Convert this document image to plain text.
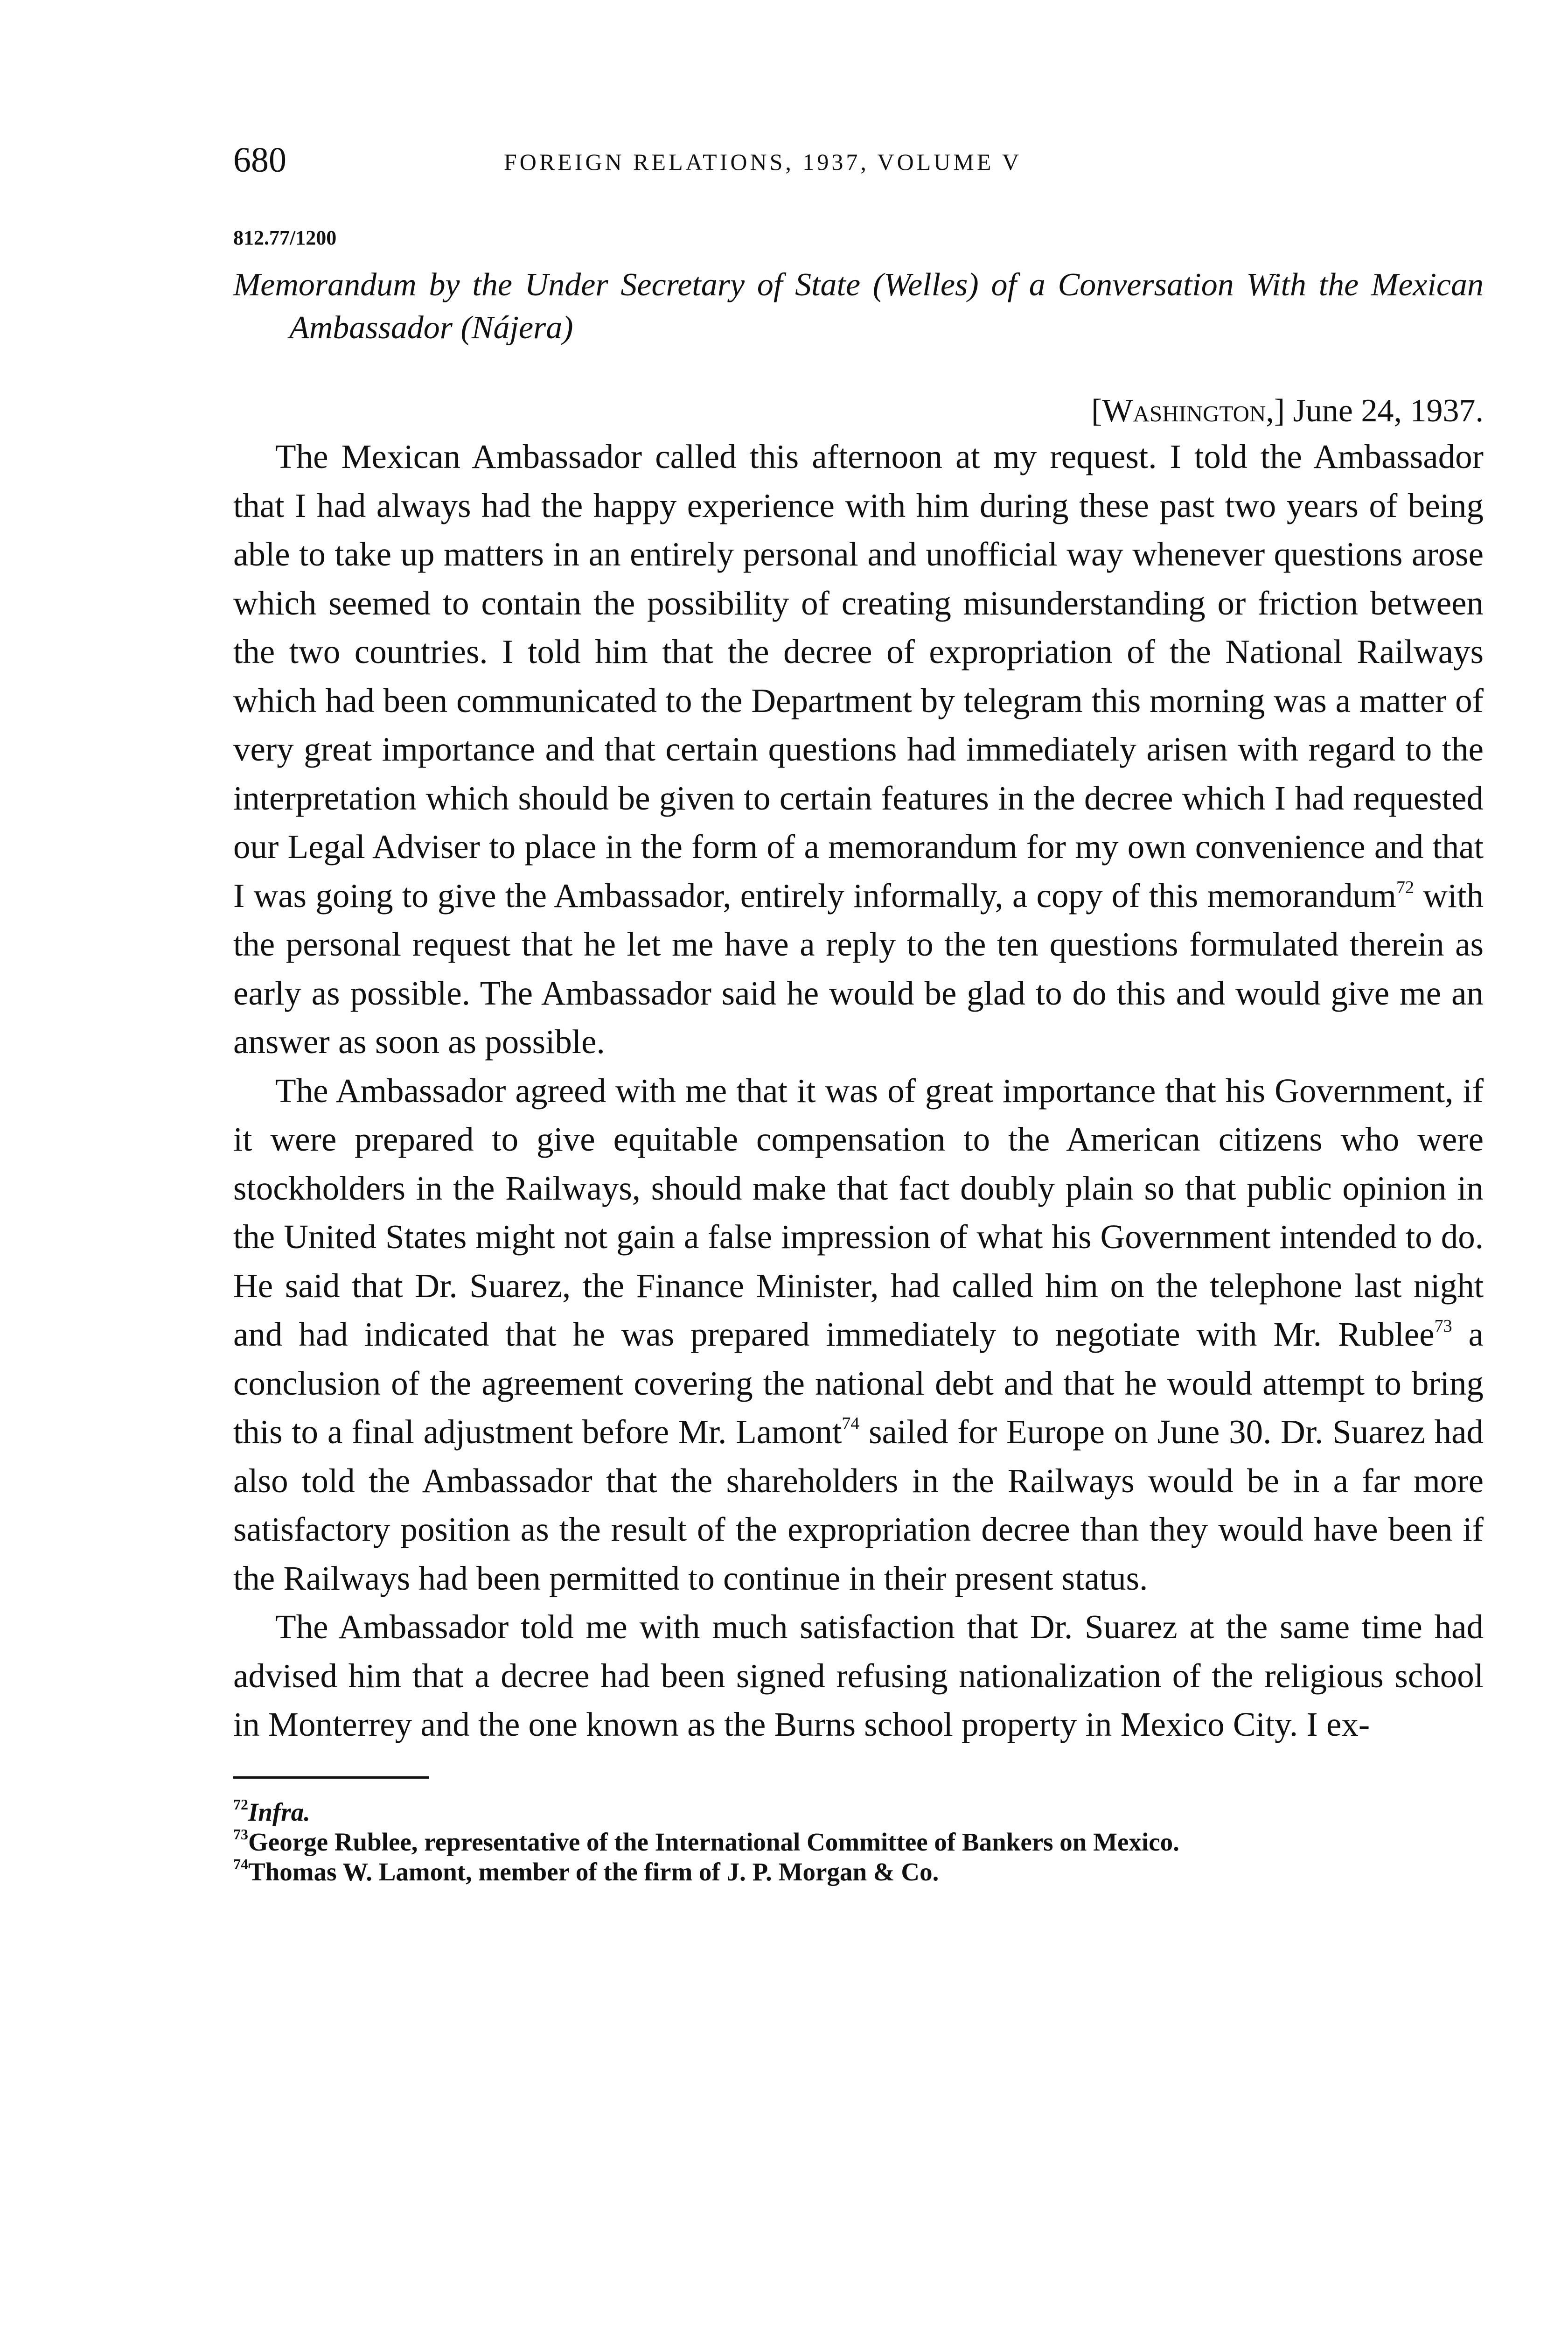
680	FOREIGN RELATIONS, 1937, VOLUME V
812.77/1200
Memorandum by the Under Secretary of State (Welles) of a Conversation With the Mexican Ambassador (Nájera)
[Washington,] June 24, 1937.

The Mexican Ambassador called this afternoon at my request. I told the Ambassador that I had always had the happy experience with him during these past two years of being able to take up matters in an entirely personal and unofficial way whenever questions arose which seemed to contain the possibility of creating misunderstanding or friction between the two countries. I told him that the decree of expropriation of the National Railways which had been communicated to the Department by telegram this morning was a matter of very great importance and that certain questions had immediately arisen with regard to the interpretation which should be given to certain features in the decree which I had requested our Legal Adviser to place in the form of a memorandum for my own convenience and that I was going to give the Ambassador, entirely informally, a copy of this memorandum$^{72}$ with the personal request that he let me have a reply to the ten questions formulated therein as early as possible. The Ambassador said he would be glad to do this and would give me an answer as soon as possible.

The Ambassador agreed with me that it was of great importance that his Government, if it were prepared to give equitable compensation to the American citizens who were stockholders in the Railways, should make that fact doubly plain so that public opinion in the United States might not gain a false impression of what his Government intended to do. He said that Dr. Suarez, the Finance Minister, had called him on the telephone last night and had indicated that he was prepared immediately to negotiate with Mr. Rublee$^{73}$ a conclusion of the agreement covering the national debt and that he would attempt to bring this to a final adjustment before Mr. Lamont$^{74}$ sailed for Europe on June 30. Dr. Suarez had also told the Ambassador that the shareholders in the Railways would be in a far more satisfactory position as the result of the expropriation decree than they would have been if the Railways had been permitted to continue in their present status.

The Ambassador told me with much satisfaction that Dr. Suarez at the same time had advised him that a decree had been signed refusing nationalization of the religious school in Monterrey and the one known as the Burns school property in Mexico City. I ex-

$^{72}$Infra.

$^{73}$George Rublee, representative of the International Committee of Bankers on Mexico.

$^{74}$Thomas W. Lamont, member of the firm of J. P. Morgan & Co.
